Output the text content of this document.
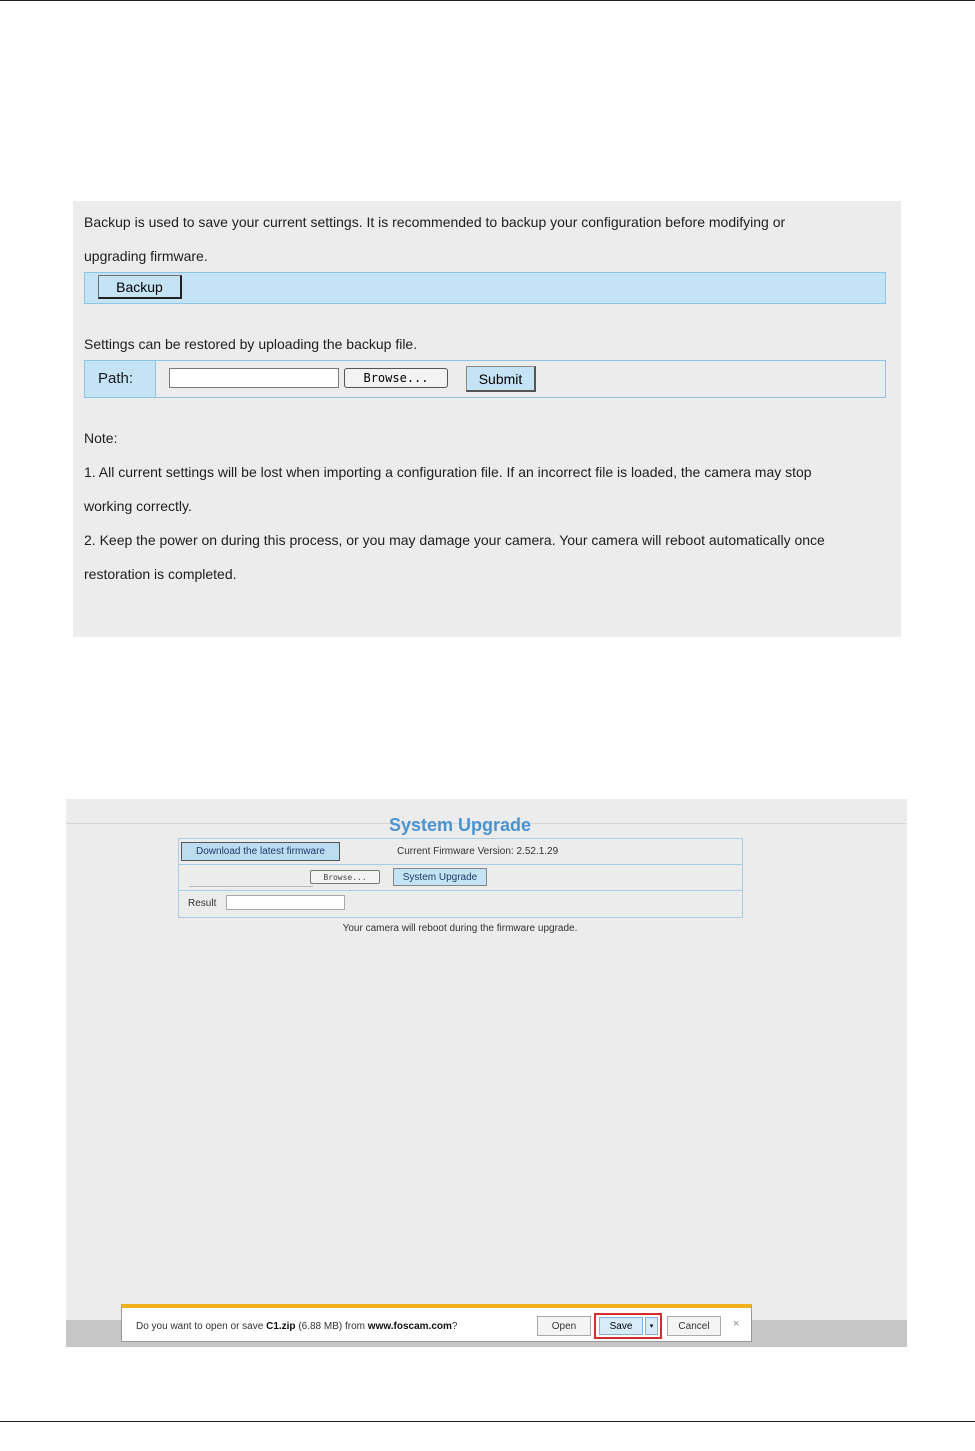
Backup is used to save your current settings. It is recommended to backup your configuration before modifying or
upgrading firmware.
Backup
Settings can be restored by uploading the backup file.
Path:	Browse...	Submit
Note:
1. All current settings will be lost when importing a configuration file. If an incorrect file is loaded, the camera may stop
working correctly.
2. Keep the power on during this process, or you may damage your camera. Your camera will reboot automatically once
restoration is completed.
System Upgrade
Download the latest firmware	Current Firmware Version: 2.52.1.29
Browse...	System Upgrade
Result
Your camera will reboot during the firmware upgrade.
Do you want to open or save C1.zip (6.88 MB) from www.foscam.com?	Open	Save	▾	Cancel	×
